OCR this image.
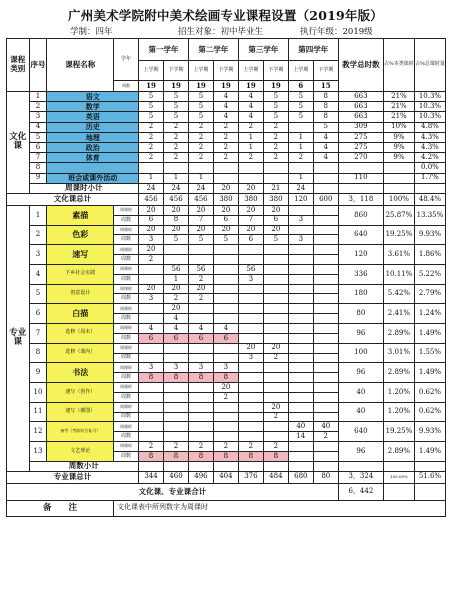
广州美术学院附中美术绘画专业课程设置（2019年版）
学制：四年	招生对象：初中毕业生	执行年级：2019级
课程类别	序号	课程名称	学年	第一学年		第二学年		第三学年		第四学年		教学总时数	占%本类课时	占%总课时量
				上学期	下学期	上学期	下学期	上学期	下学期	上学期	下学期			
			周数	19	19	19	19	19	19	6	15			
文化课	1	语文		5	5	5	4	4	5	5	8	663	21%	10.3%
	2	数学		5	5	5	4	4	5	5	8	663	21%	10.3%
	3	英语		5	5	5	4	4	5	5	8	663	21%	10.3%
	4	历史		2	2	2	2	2	2		5	309	10%	4.8%
	5	地理		2	2	2	2	1	2	1	4	275	9%	4.3%
	6	政治		2	2	2	2	1	2	1	4	275	9%	4.3%
	7	体育		2	2	2	2	2	2	2	4	270	9%	4.2%
	8													0.0%
	9	班会或课外活动		1	1	1				1		110		1.7%
	周课时小计			24	24	24	20	20	21	24				
文化课总计				456	456	456	380	380	380	120	600	3，118	100%	48.4%
专业课	1	素描	周课时	20	20	20	20	20	20			860	25.87%	13.35%
			周数	6	8	7	6	7	6	3				
	2	色彩	周课时	20	20	20	20	20	20			640	19.25%	9.93%
			周数	3	5	5	5	6	5	3				
	3	速写	周课时	20								120	3.61%	1.86%
			周数	2										
	4	下乡社会实践	周课时		56	56		56				336	10.11%	5.22%
			周数		1	2		3						
	5	创意设计	周课时	20	20	20						180	5.42%	2.79%
			周数	3	2	2								
	6	白描	周课时		20							80	2.41%	1.24%
			周数		4									
	7	选修（周末）	周课时	4	4	4	4					96	2.89%	1.49%
			周数	6	6	6	6							
	8	选修（课内）	周课时					20	20			100	3.01%	1.55%
			周数					3	2					
	9	书法	周课时	3	3	3	3					96	2.89%	1.49%
			周数	8	8	8	8							
	10	速写（创作）	周课时				20					40	1.20%	0.62%
			周数				2							
	11	速写（插图）	周课时						20			40	1.20%	0.62%
			周数						2					
	12	备考（考前综合复习）	周课时							40	40	640	19.25%	9.93%
			周数							14	2			
	13	文艺理论	周课时	2	2	2	2	2	2			96	2.89%	1.49%
			周数	8	8	8	8	8	8					
	周数小计													
专业课总计				344	460	496	404	376	484	680	80	3，324	100.00%	51.6%
文化课、专业课合计												6，442		
备　　注			文化课表中所列数字为周课时											
